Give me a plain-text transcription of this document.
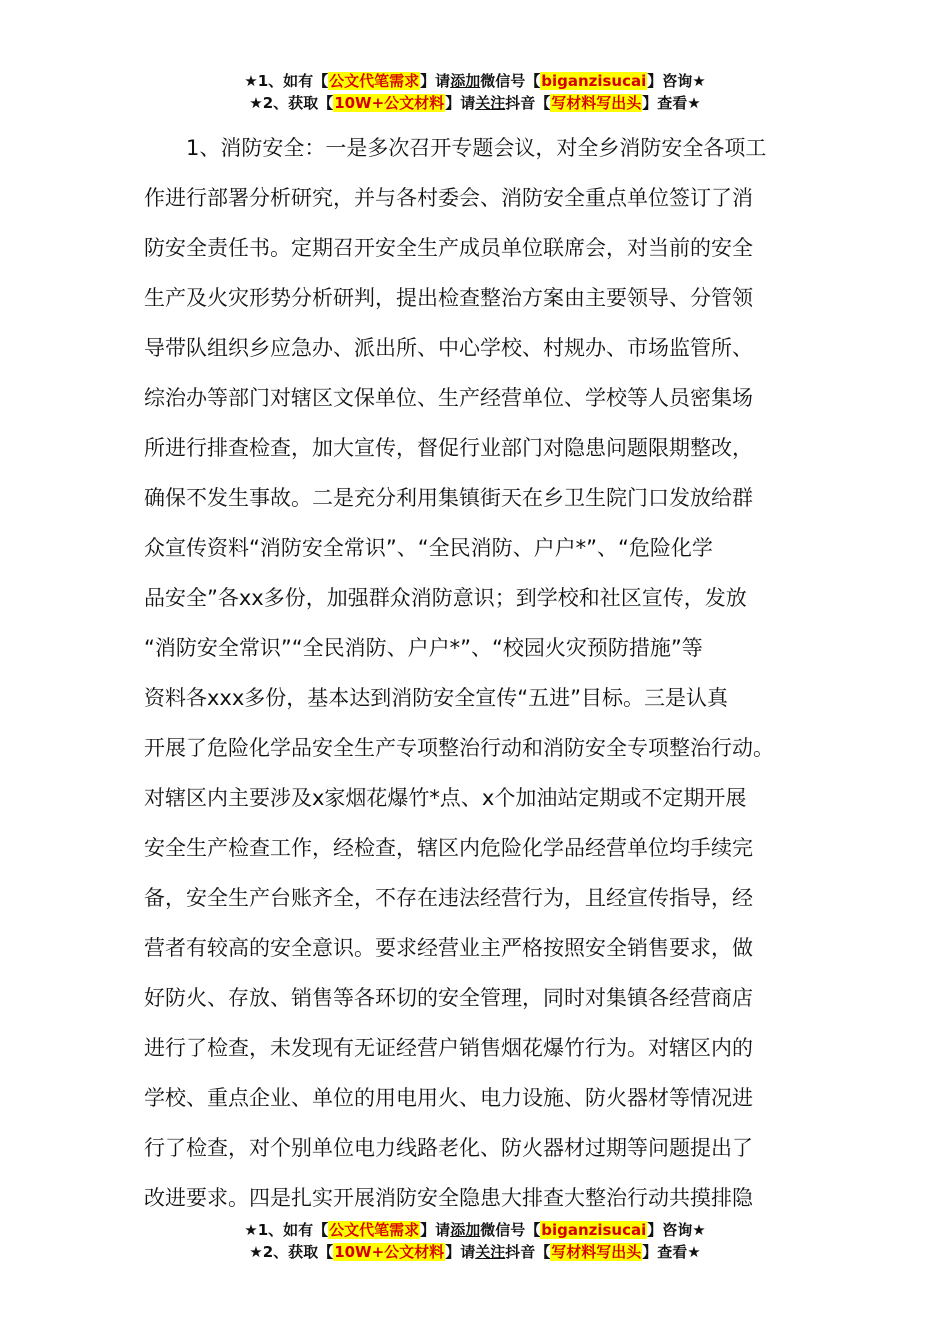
★1、如有【公文代笔需求】请添加微信号【biganzisucai】咨询★
★2、获取【10W+公文材料】请关注抖音【写材料写出头】查看★
　　1、消防安全：一是多次召开专题会议，对全乡消防安全各项工
作进行部署分析研究，并与各村委会、消防安全重点单位签订了消
防安全责任书。定期召开安全生产成员单位联席会，对当前的安全
生产及火灾形势分析研判，提出检查整治方案由主要领导、分管领
导带队组织乡应急办、派出所、中心学校、村规办、市场监管所、
综治办等部门对辖区文保单位、生产经营单位、学校等人员密集场
所进行排查检查，加大宣传，督促行业部门对隐患问题限期整改，
确保不发生事故。二是充分利用集镇街天在乡卫生院门口发放给群
众宣传资料“消防安全常识”、“全民消防、户户*”、“危险化学
品安全”各xx多份，加强群众消防意识；到学校和社区宣传，发放
“消防安全常识”“全民消防、户户*”、“校园火灾预防措施”等
资料各xxx多份，基本达到消防安全宣传“五进”目标。三是认真
开展了危险化学品安全生产专项整治行动和消防安全专项整治行动。
对辖区内主要涉及x家烟花爆竹*点、x个加油站定期或不定期开展
安全生产检查工作，经检查，辖区内危险化学品经营单位均手续完
备，安全生产台账齐全，不存在违法经营行为，且经宣传指导，经
营者有较高的安全意识。要求经营业主严格按照安全销售要求，做
好防火、存放、销售等各环切的安全管理，同时对集镇各经营商店
进行了检查，未发现有无证经营户销售烟花爆竹行为。对辖区内的
学校、重点企业、单位的用电用火、电力设施、防火器材等情况进
行了检查，对个别单位电力线路老化、防火器材过期等问题提出了
改进要求。四是扎实开展消防安全隐患大排查大整治行动共摸排隐
★1、如有【公文代笔需求】请添加微信号【biganzisucai】咨询★
★2、获取【10W+公文材料】请关注抖音【写材料写出头】查看★
